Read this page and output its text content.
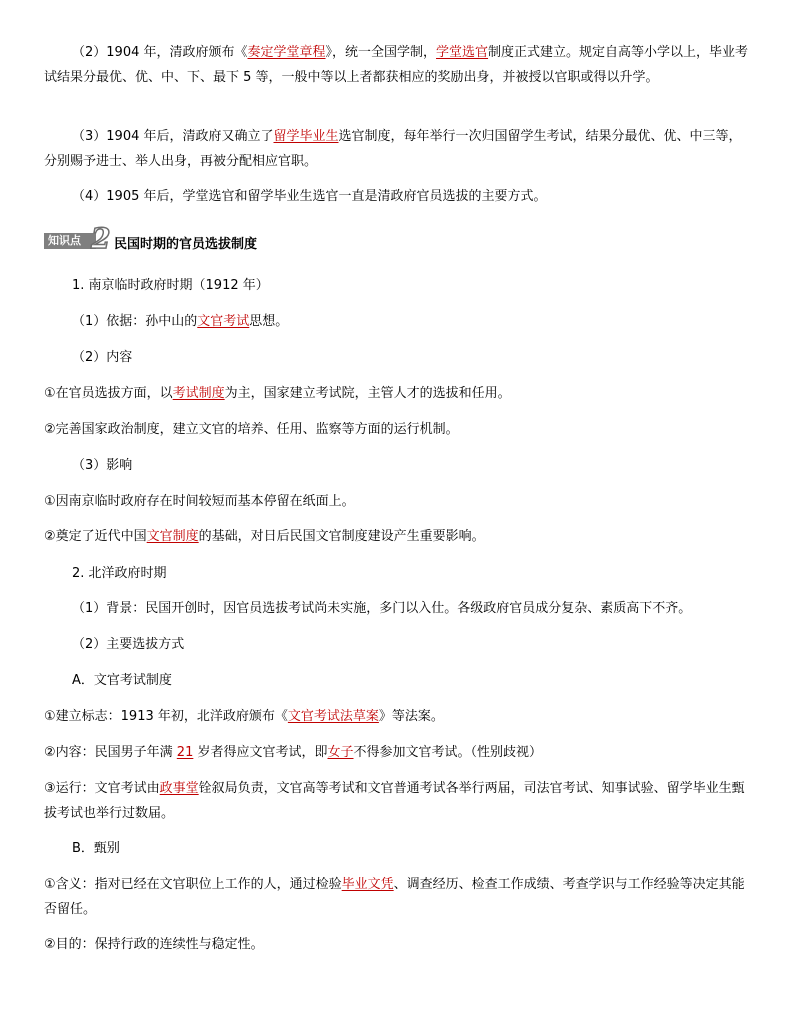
（2）1904 年，清政府颁布《奏定学堂章程》，统一全国学制，学堂选官制度正式建立。规定自高等小学以上，毕业考试结果分最优、优、中、下、最下 5 等，一般中等以上者都获相应的奖励出身，并被授以官职或得以升学。

（3）1904 年后，清政府又确立了留学毕业生选官制度，每年举行一次归国留学生考试，结果分最优、优、中三等，分别赐予进士、举人出身，再被分配相应官职。

（4）1905 年后，学堂选官和留学毕业生选官一直是清政府官员选拔的主要方式。

知识点 2 民国时期的官员选拔制度

1. 南京临时政府时期（1912 年）

（1）依据：孙中山的文官考试思想。

（2）内容

①在官员选拔方面，以考试制度为主，国家建立考试院，主管人才的选拔和任用。

②完善国家政治制度，建立文官的培养、任用、监察等方面的运行机制。

（3）影响

①因南京临时政府存在时间较短而基本停留在纸面上。

②奠定了近代中国文官制度的基础，对日后民国文官制度建设产生重要影响。

2. 北洋政府时期

（1）背景：民国开创时，因官员选拔考试尚未实施，多门以入仕。各级政府官员成分复杂、素质高下不齐。

（2）主要选拔方式

A．文官考试制度

①建立标志：1913 年初，北洋政府颁布《文官考试法草案》等法案。

②内容：民国男子年满 21 岁者得应文官考试，即女子不得参加文官考试。（性别歧视）

③运行：文官考试由政事堂铨叙局负责，文官高等考试和文官普通考试各举行两届，司法官考试、知事试验、留学毕业生甄拔考试也举行过数届。

B．甄别

①含义：指对已经在文官职位上工作的人，通过检验毕业文凭、调查经历、检查工作成绩、考查学识与工作经验等决定其能否留任。

②目的：保持行政的连续性与稳定性。
